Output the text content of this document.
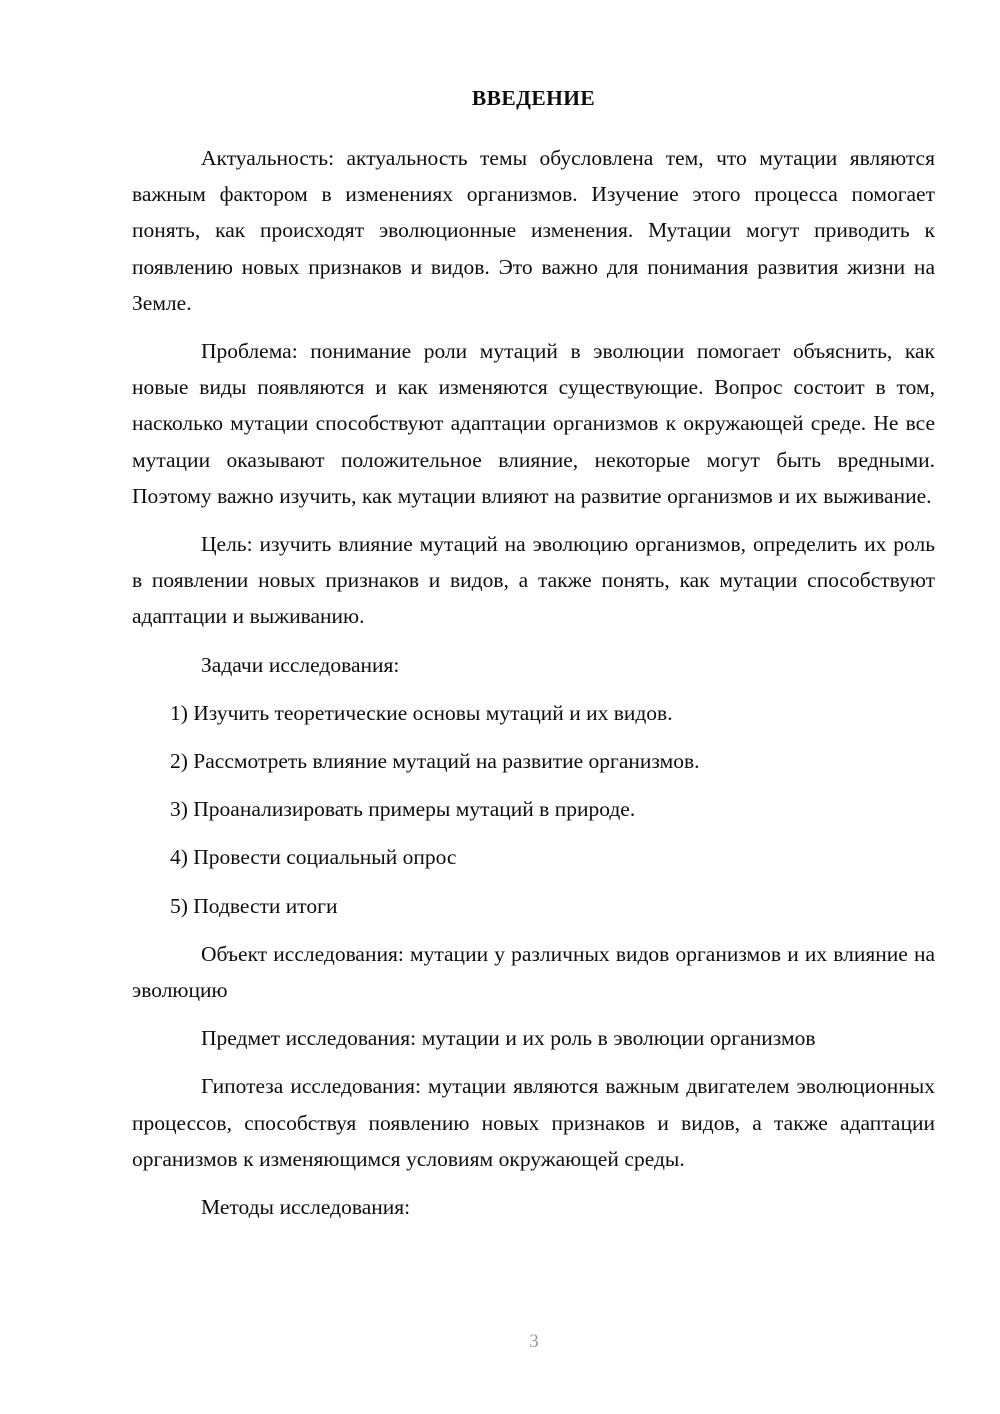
ВВЕДЕНИЕ

Актуальность: актуальность темы обусловлена тем, что мутации являются важным фактором в изменениях организмов. Изучение этого процесса помогает понять, как происходят эволюционные изменения. Мутации могут приводить к появлению новых признаков и видов. Это важно для понимания развития жизни на Земле.

Проблема: понимание роли мутаций в эволюции помогает объяснить, как новые виды появляются и как изменяются существующие. Вопрос состоит в том, насколько мутации способствуют адаптации организмов к окружающей среде. Не все мутации оказывают положительное влияние, некоторые могут быть вредными. Поэтому важно изучить, как мутации влияют на развитие организмов и их выживание.

Цель: изучить влияние мутаций на эволюцию организмов, определить их роль в появлении новых признаков и видов, а также понять, как мутации способствуют адаптации и выживанию.

Задачи исследования:

1) Изучить теоретические основы мутаций и их видов.
2) Рассмотреть влияние мутаций на развитие организмов.
3) Проанализировать примеры мутаций в природе.
4) Провести социальный опрос
5) Подвести итоги

Объект исследования: мутации у различных видов организмов и их влияние на эволюцию

Предмет исследования: мутации и их роль в эволюции организмов

Гипотеза исследования: мутации являются важным двигателем эволюционных процессов, способствуя появлению новых признаков и видов, а также адаптации организмов к изменяющимся условиям окружающей среды.

Методы исследования:

3
